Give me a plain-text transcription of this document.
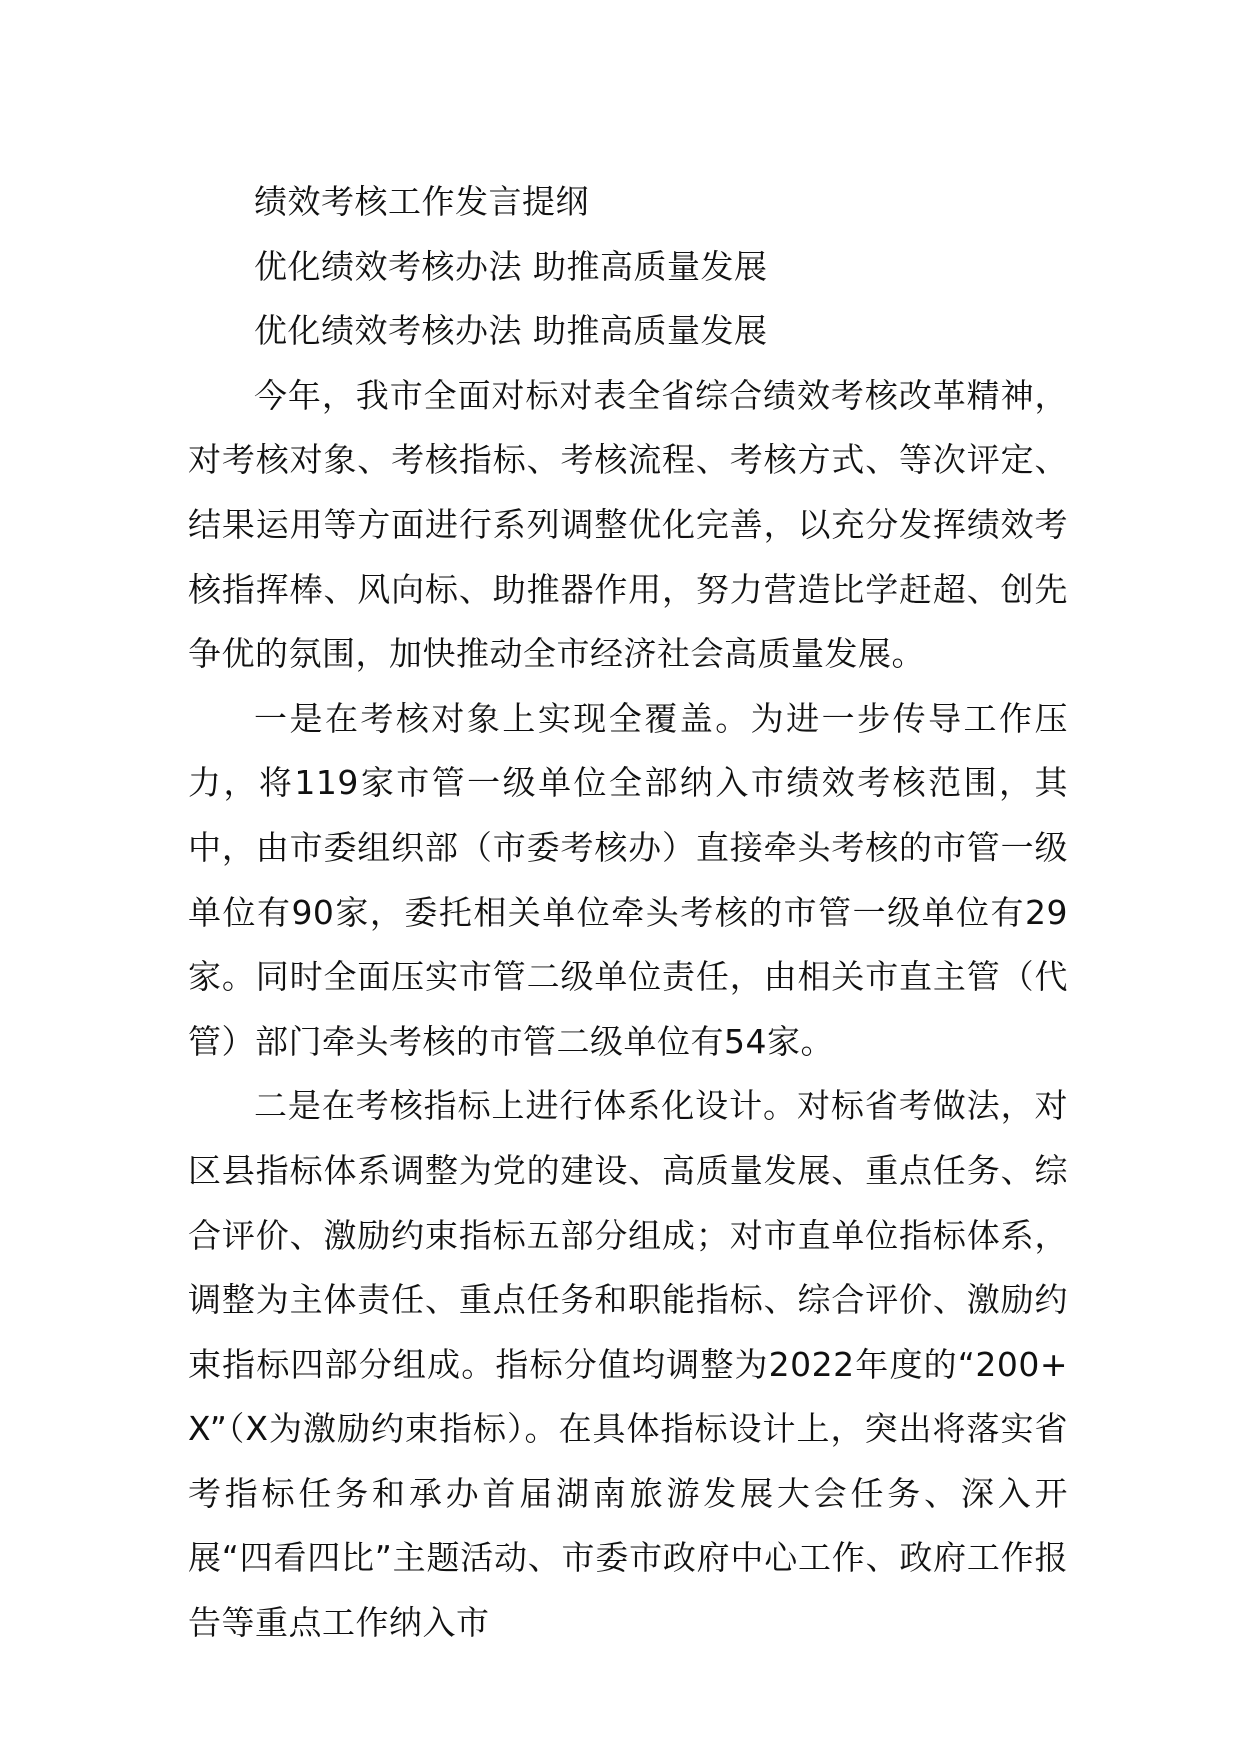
绩效考核工作发言提纲

优化绩效考核办法 助推高质量发展

优化绩效考核办法 助推高质量发展

今年，我市全面对标对表全省综合绩效考核改革精神，对考核对象、考核指标、考核流程、考核方式、等次评定、结果运用等方面进行系列调整优化完善，以充分发挥绩效考核指挥棒、风向标、助推器作用，努力营造比学赶超、创先争优的氛围，加快推动全市经济社会高质量发展。

一是在考核对象上实现全覆盖。为进一步传导工作压力，将119家市管一级单位全部纳入市绩效考核范围，其中，由市委组织部（市委考核办）直接牵头考核的市管一级单位有90家，委托相关单位牵头考核的市管一级单位有29家。同时全面压实市管二级单位责任，由相关市直主管（代管）部门牵头考核的市管二级单位有54家。

二是在考核指标上进行体系化设计。对标省考做法，对区县指标体系调整为党的建设、高质量发展、重点任务、综合评价、激励约束指标五部分组成；对市直单位指标体系，调整为主体责任、重点任务和职能指标、综合评价、激励约束指标四部分组成。指标分值均调整为2022年度的“200+X”（X为激励约束指标）。在具体指标设计上，突出将落实省考指标任务和承办首届湖南旅游发展大会任务、深入开展“四看四比”主题活动、市委市政府中心工作、政府工作报告等重点工作纳入市
